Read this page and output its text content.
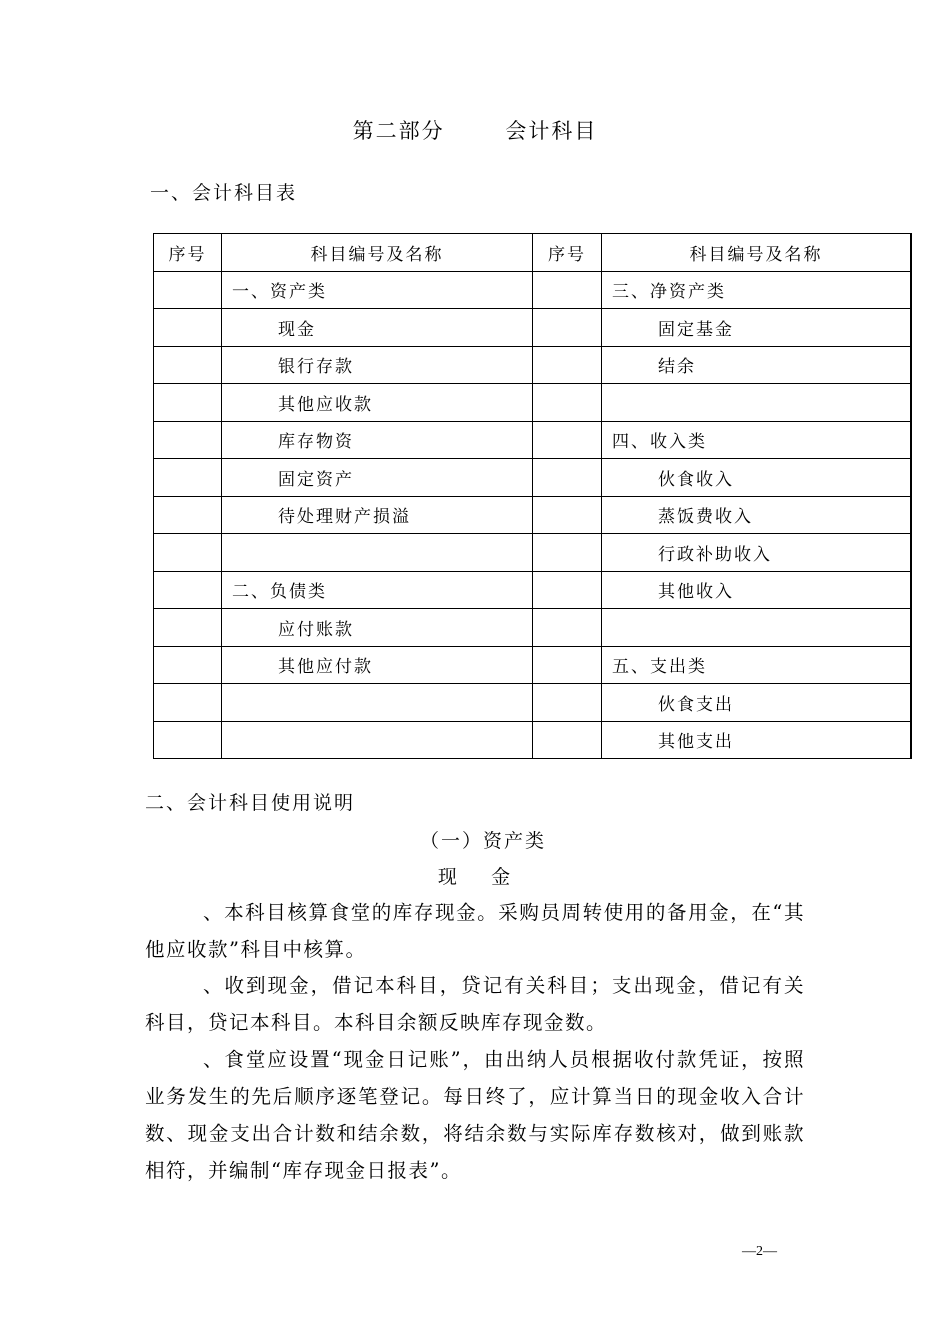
第二部分       会计科目
一、会计科目表
序号	科目编号及名称	序号	科目编号及名称
	一、资产类		三、净资产类
	现金		固定基金
	银行存款		结余
	其他应收款		
	库存物资		四、收入类
	固定资产		伙食收入
	待处理财产损溢		蒸饭费收入
			行政补助收入
	二、负债类		其他收入
	应付账款		
	其他应付款		五、支出类
			伙食支出
			其他支出
二、会计科目使用说明
（一）资产类
现    金
、本科目核算食堂的库存现金。采购员周转使用的备用金，在“其他应收款”科目中核算。
、收到现金，借记本科目，贷记有关科目；支出现金，借记有关科目，贷记本科目。本科目余额反映库存现金数。
、食堂应设置“现金日记账”，由出纳人员根据收付款凭证，按照业务发生的先后顺序逐笔登记。每日终了，应计算当日的现金收入合计数、现金支出合计数和结余数，将结余数与实际库存数核对，做到账款相符，并编制“库存现金日报表”。
—2—
